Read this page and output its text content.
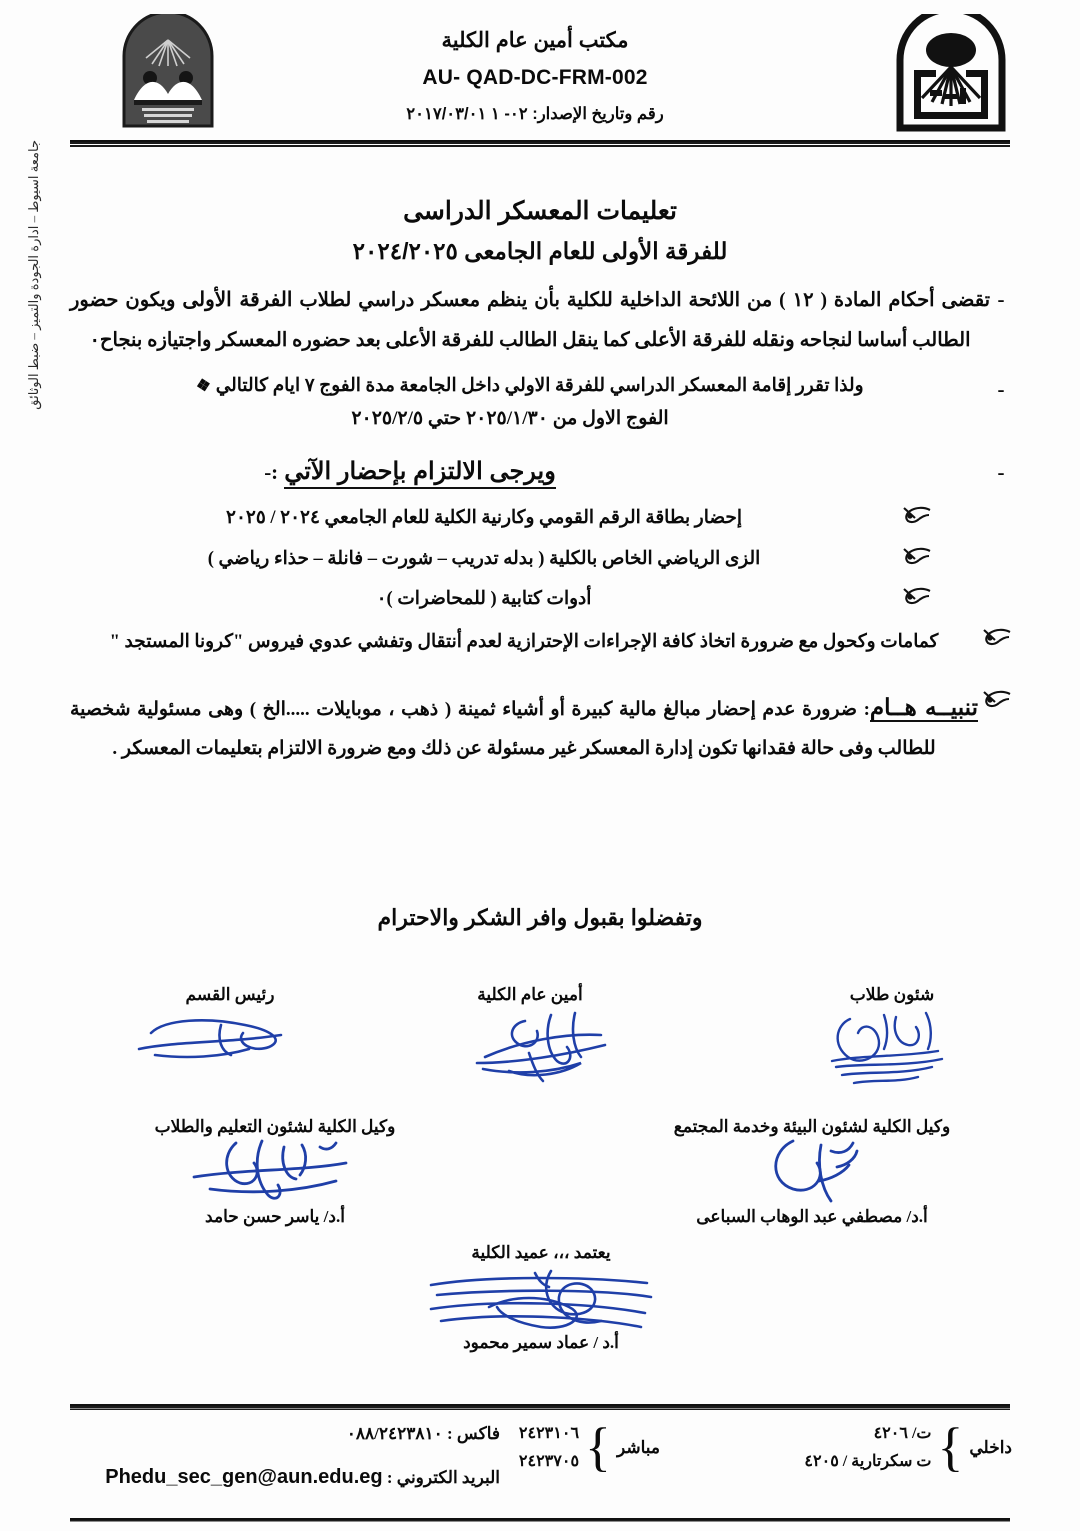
مكتب أمين عام الكلية
AU- QAD-DC-FRM-002
رقم وتاريخ الإصدار: ٠٢- ١ ٢٠١٧/٠٣/٠١
جامعة اسيوط – ادارة الجودة والتميز – ضبط الوثائق	تعليمات المعسكر الدراسى
للفرقة الأولى للعام الجامعى ٢٠٢٤/٢٠٢٥
-
تقضى أحكام المادة ( ١٢ ) من اللائحة الداخلية للكلية بأن ينظم معسكر دراسي لطلاب الفرقة الأولى ويكون حضور الطالب أساسا لنجاحه ونقله للفرقة الأعلى كما ينقل الطالب للفرقة الأعلى بعد حضوره المعسكر واجتيازه بنجاح٠
-
ولذا تقرر إقامة المعسكر الدراسي للفرقة الاولي داخل الجامعة مدة الفوج ٧ ايام كالتالي❖
الفوج الاول من ٢٠٢٥/١/٣٠ حتي ٢٠٢٥/٢/٥
-
ويرجى الالتزام بإحضار الآتي:-
إحضار بطاقة الرقم القومي وكارنية الكلية للعام الجامعي ٢٠٢٤ / ٢٠٢٥
الزى الرياضي الخاص بالكلية ( بدله تدريب – شورت – فانلة – حذاء رياضي )
أدوات كتابية ( للمحاضرات )٠
كمامات وكحول مع ضرورة اتخاذ كافة الإجراءات الإحترازية لعدم أنتقال وتفشي عدوي فيروس "كرونا المستجد "
تنبيــه هــام: ضرورة عدم إحضار مبالغ مالية كبيرة أو أشياء ثمينة ( ذهب ، موبايلات .....الخ ) وهى مسئولية شخصية للطالب وفى حالة فقدانها تكون إدارة المعسكر غير مسئولة عن ذلك ومع ضرورة الالتزام بتعليمات المعسكر .
وتفضلوا بقبول وافر الشكر والاحترام
شئون طلاب
أمين عام الكلية
رئيس القسم
وكيل الكلية لشئون البيئة وخدمة المجتمع
أ.د/ مصطفي عبد الوهاب السباعى
وكيل الكلية لشئون التعليم والطلاب
أ.د/ ياسر حسن حامد
يعتمد ،،، عميد الكلية
أ.د / عماد سمير محمود
داخلي
}
ت/ ٤٢٠٦
ت سكرتارية / ٤٢٠٥
مباشر
}
٢٤٢٣١٠٦
٢٤٢٣٧٠٥
فاكس : ٠٨٨/٢٤٢٣٨١٠
البريد الكتروني : Phedu_sec_gen@aun.edu.eg
